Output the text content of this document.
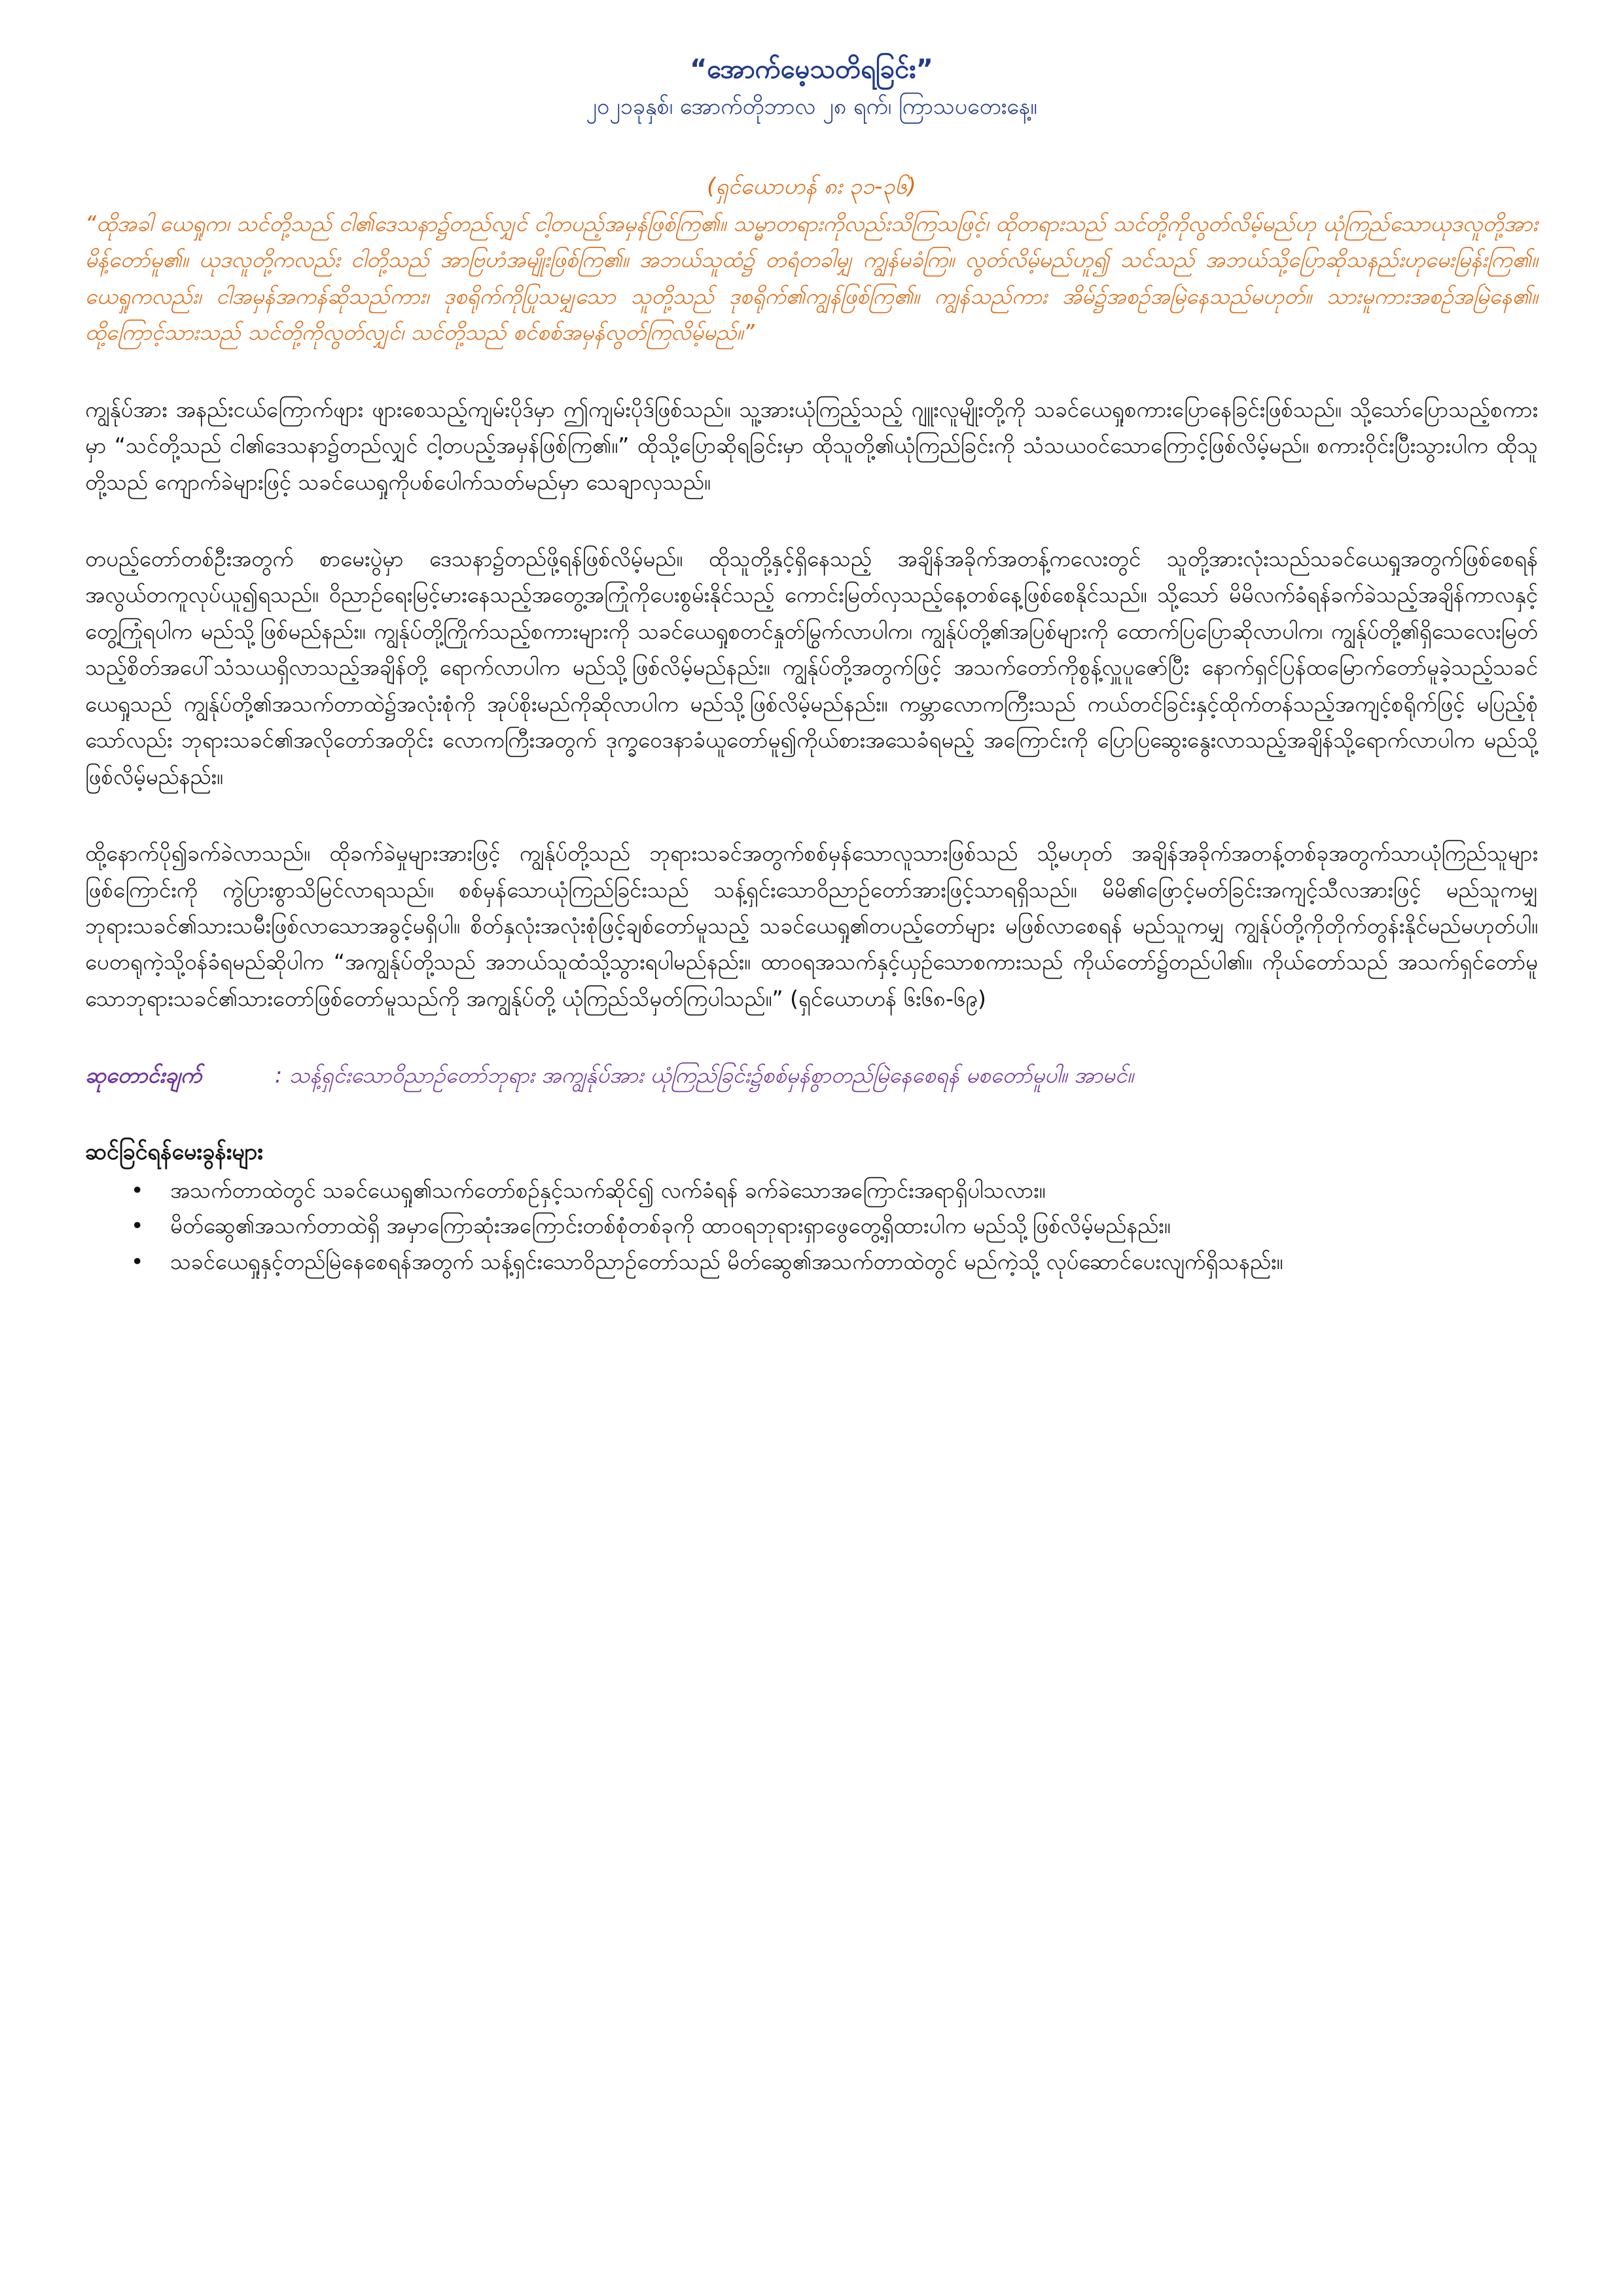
“အောက်မေ့သတိရခြင်း”
၂၀၂၁ခုနှစ်၊ အောက်တိုဘာလ ၂၈ ရက်၊ ကြာသပတေးနေ့။
(ရှင်ယောဟန် ၈း ၃၁-၃၆)
“ထိုအခါ ယေရှုက၊ သင်တို့သည် ငါ၏ဒေသနာ၌တည်လျှင် ငါ့တပည့်အမှန်ဖြစ်ကြ၏။ သမ္မာတရားကိုလည်းသိကြသဖြင့်၊ ထိုတရားသည် သင်တို့ကိုလွတ်လိမ့်မည်ဟု ယုံကြည်သောယုဒလူတို့အား မိန့်တော်မူ၏။ ယုဒလူတို့ကလည်း ငါတို့သည် အာဗြဟံအမျိုးဖြစ်ကြ၏။ အဘယ်သူထံ၌ တရံတခါမျှ ကျွန်မခံကြ။ လွတ်လိမ့်မည်ဟူ၍ သင်သည် အဘယ်သို့ပြောဆိုသနည်းဟုမေးမြန်းကြ၏။ ယေရှုကလည်း၊ ငါအမှန်အကန်ဆိုသည်ကား၊ ဒုစရိုက်ကိုပြုသမျှသော သူတို့သည် ဒုစရိုက်၏ကျွန်ဖြစ်ကြ၏။ ကျွန်သည်ကား အိမ်၌အစဉ်အမြဲနေသည်မဟုတ်။ သားမူကားအစဉ်အမြဲနေ၏။ ထို့ကြောင့်သားသည် သင်တို့ကိုလွတ်လျှင်၊ သင်တို့သည် စင်စစ်အမှန်လွတ်ကြလိမ့်မည်။”
ကျွန်ုပ်အား အနည်းငယ်ကြောက်ဖျား ဖျားစေသည့်ကျမ်းပိုဒ်မှာ ဤကျမ်းပိုဒ်ဖြစ်သည်။ သူ့အားယုံကြည့်သည့် ဂျူးလူမျိုးတို့ကို သခင်ယေရှုစကားပြောနေခြင်းဖြစ်သည်။ သို့သော်ပြောသည့်စကားမှာ “သင်တို့သည် ငါ၏ဒေသနာ၌တည်လျှင် ငါ့တပည့်အမှန်ဖြစ်ကြ၏။” ထိုသို့ပြောဆိုရခြင်းမှာ ထိုသူတို့၏ယုံကြည်ခြင်းကို သံသယဝင်သောကြောင့်ဖြစ်လိမ့်မည်။ စကားဝိုင်းပြီးသွားပါက ထိုသူတို့သည် ကျောက်ခဲများဖြင့် သခင်ယေရှုကိုပစ်ပေါက်သတ်မည်မှာ သေချာလှသည်။
တပည့်တော်တစ်ဦးအတွက် စာမေးပွဲမှာ ဒေသနာ၌တည်ဖို့ရန်ဖြစ်လိမ့်မည်။ ထိုသူတို့နှင့်ရှိနေသည့် အချိန်အခိုက်အတန့်ကလေးတွင် သူတို့အားလုံးသည်သခင်ယေရှုအတွက်ဖြစ်စေရန် အလွယ်တကူလုပ်ယူ၍ရသည်။ ဝိညာဉ်ရေးမြင့်မားနေသည့်အတွေ့အကြုံကိုပေးစွမ်းနိုင်သည့် ကောင်းမြတ်လှသည့်နေ့တစ်နေ့ဖြစ်စေနိုင်သည်။ သို့သော် မိမိလက်ခံရန်ခက်ခဲသည့်အချိန်ကာလနှင့်တွေ့ကြုံရပါက မည်သို့ဖြစ်မည်နည်း။ ကျွန်ုပ်တို့ကြိုက်သည့်စကားများကို သခင်ယေရှုစတင်နှုတ်မြွက်လာပါက၊ ကျွန်ုပ်တို့၏အပြစ်များကို ထောက်ပြပြောဆိုလာပါက၊ ကျွန်ုပ်တို့၏ရှိသေလေးမြတ်သည့်စိတ်အပေါ်သံသယရှိလာသည့်အချိန်တို့ ရောက်လာပါက မည်သို့ဖြစ်လိမ့်မည်နည်း။ ကျွန်ုပ်တို့အတွက်ဖြင့် အသက်တော်ကိုစွန့်လှူပူဇော်ပြီး နောက်ရှင်ပြန်ထမြောက်တော်မူခဲ့သည့်သခင်ယေရှုသည် ကျွန်ုပ်တို့၏အသက်တာထဲ၌အလုံးစုံကို အုပ်စိုးမည်ကိုဆိုလာပါက မည်သို့ဖြစ်လိမ့်မည်နည်း။ ကမ္ဘာလောကကြီးသည် ကယ်တင်ခြင်းနှင့်ထိုက်တန်သည့်အကျင့်စရိုက်ဖြင့် မပြည့်စုံသော်လည်း ဘုရားသခင်၏အလိုတော်အတိုင်း လောကကြီးအတွက် ဒုက္ခဝေဒနာခံယူတော်မူ၍ကိုယ်စားအသေခံရမည့် အကြောင်းကို ပြောပြဆွေးနွေးလာသည့်အချိန်သို့ရောက်လာပါက မည်သို့ဖြစ်လိမ့်မည်နည်း။
ထို့နောက်ပို၍ခက်ခဲလာသည်။ ထိုခက်ခဲမှုများအားဖြင့် ကျွန်ုပ်တို့သည် ဘုရားသခင်အတွက်စစ်မှန်သောလူသားဖြစ်သည် သို့မဟုတ် အချိန်အခိုက်အတန့်တစ်ခုအတွက်သာယုံကြည်သူများဖြစ်ကြောင်းကို ကွဲပြားစွာသိမြင်လာရသည်။ စစ်မှန်သောယုံကြည်ခြင်းသည် သန့်ရှင်းသောဝိညာဉ်တော်အားဖြင့်သာရရှိသည်။ မိမိ၏ဖြောင့်မတ်ခြင်းအကျင့်သီလအားဖြင့် မည်သူကမျှ ဘုရားသခင်၏သားသမီးဖြစ်လာသောအခွင့်မရှိပါ။ စိတ်နှလုံးအလုံးစုံဖြင့်ချစ်တော်မူသည့် သခင်ယေရှု၏တပည့်တော်များ မဖြစ်လာစေရန် မည်သူကမျှ ကျွန်ုပ်တို့ကိုတိုက်တွန်းနိုင်မည်မဟုတ်ပါ။ ပေတရုကဲ့သို့ဝန်ခံရမည်ဆိုပါက “အကျွန်ုပ်တို့သည် အဘယ်သူထံသို့သွားရပါမည်နည်း။ ထာဝရအသက်နှင့်ယှဉ်သောစကားသည် ကိုယ်တော်၌တည်ပါ၏။ ကိုယ်တော်သည် အသက်ရှင်တော်မူသောဘုရားသခင်၏သားတော်ဖြစ်တော်မူသည်ကို အကျွန်ုပ်တို့ ယုံကြည်သိမှတ်ကြပါသည်။” (ရှင်ယောဟန် ၆း၆၈-၆၉)
ဆုတောင်းချက်	: သန့်ရှင်းသောဝိညာဉ်တော်ဘုရား အကျွန်ုပ်အား ယုံကြည်ခြင်း၌စစ်မှန်စွာတည်မြဲနေစေရန် မစတော်မူပါ။ အာမင်။
ဆင်ခြင်ရန်မေးခွန်းများ
•	အသက်တာထဲတွင် သခင်ယေရှု၏သက်တော်စဉ်နှင့်သက်ဆိုင်၍ လက်ခံရန် ခက်ခဲသောအကြောင်းအရာရှိပါသလား။
•	မိတ်ဆွေ၏အသက်တာထဲရှိ အမှာကြောဆုံးအကြောင်းတစ်စုံတစ်ခုကို ထာဝရဘုရားရှာဖွေတွေ့ရှိထားပါက မည်သို့ဖြစ်လိမ့်မည်နည်း။
•	သခင်ယေရှုနှင့်တည်မြဲနေစေရန်အတွက် သန့်ရှင်းသောဝိညာဉ်တော်သည် မိတ်ဆွေ၏အသက်တာထဲတွင် မည်ကဲ့သို့ လုပ်ဆောင်ပေးလျက်ရှိသနည်း။
